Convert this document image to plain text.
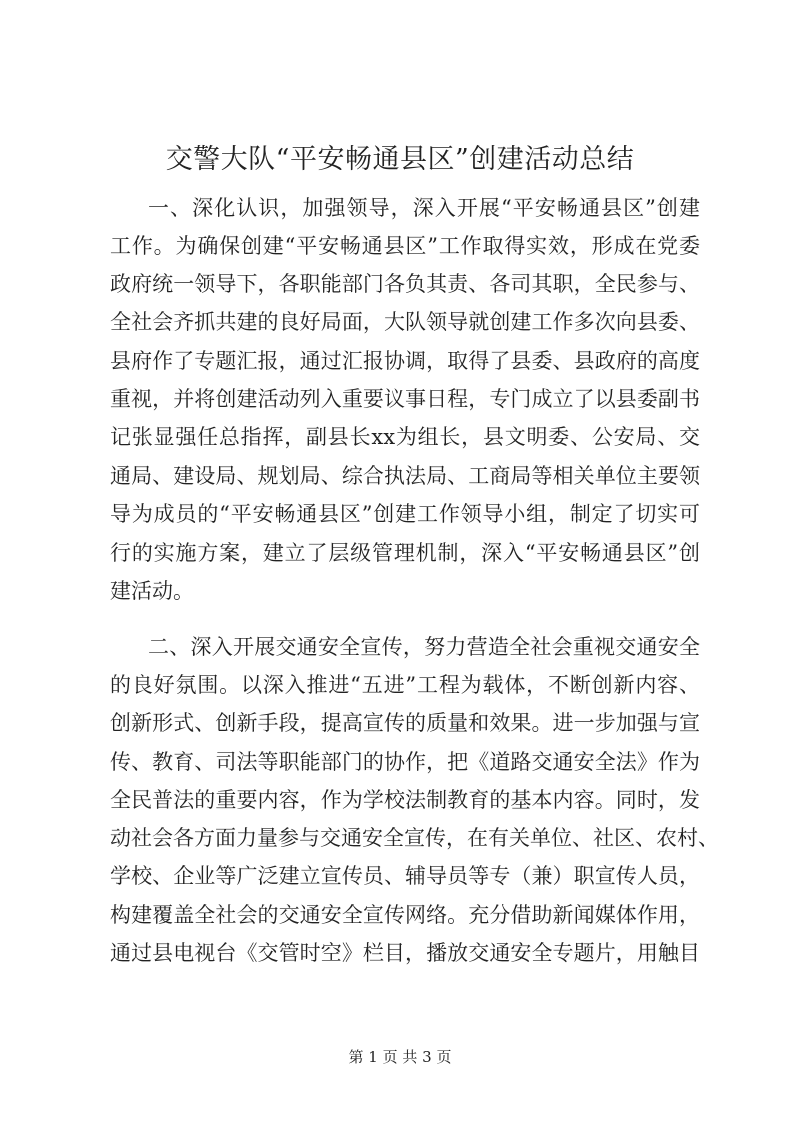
交警大队“平安畅通县区”创建活动总结
一、深化认识，加强领导，深入开展“平安畅通县区”创建
工作。为确保创建“平安畅通县区”工作取得实效，形成在党委
政府统一领导下，各职能部门各负其责、各司其职，全民参与、
全社会齐抓共建的良好局面，大队领导就创建工作多次向县委、
县府作了专题汇报，通过汇报协调，取得了县委、县政府的高度
重视，并将创建活动列入重要议事日程，专门成立了以县委副书
记张显强任总指挥，副县长xx为组长，县文明委、公安局、交
通局、建设局、规划局、综合执法局、工商局等相关单位主要领
导为成员的“平安畅通县区”创建工作领导小组，制定了切实可
行的实施方案，建立了层级管理机制，深入“平安畅通县区”创
建活动。
二、深入开展交通安全宣传，努力营造全社会重视交通安全
的良好氛围。以深入推进“五进”工程为载体，不断创新内容、
创新形式、创新手段，提高宣传的质量和效果。进一步加强与宣
传、教育、司法等职能部门的协作，把《道路交通安全法》作为
全民普法的重要内容，作为学校法制教育的基本内容。同时，发
动社会各方面力量参与交通安全宣传，在有关单位、社区、农村、
学校、企业等广泛建立宣传员、辅导员等专（兼）职宣传人员，
构建覆盖全社会的交通安全宣传网络。充分借助新闻媒体作用，
通过县电视台《交管时空》栏目，播放交通安全专题片，用触目
第 1 页 共 3 页
